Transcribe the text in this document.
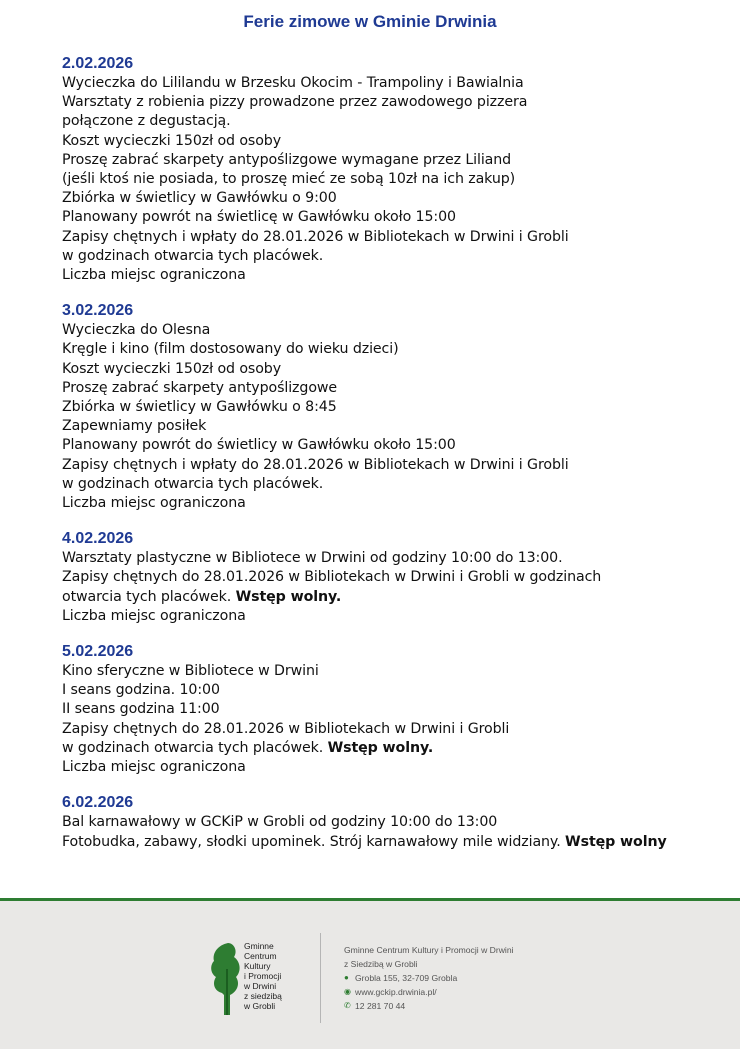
Ferie zimowe w Gminie Drwinia

2.02.2026

Wycieczka do Lililandu w Brzesku Okocim - Trampoliny i Bawialnia

Warsztaty z robienia pizzy prowadzone przez zawodowego pizzera

połączone z degustacją.

Koszt wycieczki 150zł od osoby

Proszę zabrać skarpety antypoślizgowe wymagane przez Liliand

(jeśli ktoś nie posiada, to proszę mieć ze sobą 10zł na ich zakup)

Zbiórka w świetlicy w Gawłówku o 9:00

Planowany powrót na świetlicę w Gawłówku około 15:00

Zapisy chętnych i wpłaty do 28.01.2026 w Bibliotekach w Drwini i Grobli

w godzinach otwarcia tych placówek.

Liczba miejsc ograniczona

3.02.2026

Wycieczka do Olesna

Kręgle i kino (film dostosowany do wieku dzieci)

Koszt wycieczki 150zł od osoby

Proszę zabrać skarpety antypoślizgowe

Zbiórka w świetlicy w Gawłówku o 8:45

Zapewniamy posiłek

Planowany powrót do świetlicy w Gawłówku około 15:00

Zapisy chętnych i wpłaty do 28.01.2026 w Bibliotekach w Drwini i Grobli

w godzinach otwarcia tych placówek.

Liczba miejsc ograniczona

4.02.2026

Warsztaty plastyczne w Bibliotece w Drwini od godziny 10:00 do 13:00.

Zapisy chętnych do 28.01.2026 w Bibliotekach w Drwini i Grobli w godzinach

otwarcia tych placówek. Wstęp wolny.

Liczba miejsc ograniczona

5.02.2026

Kino sferyczne w Bibliotece w Drwini

I seans godzina. 10:00

II seans godzina 11:00

Zapisy chętnych do 28.01.2026 w Bibliotekach w Drwini i Grobli

w godzinach otwarcia tych placówek. Wstęp wolny.

Liczba miejsc ograniczona

6.02.2026

Bal karnawałowy w GCKiP w Grobli od godziny 10:00 do 13:00

Fotobudka, zabawy, słodki upominek. Strój karnawałowy mile widziany. Wstęp wolny

Gminne
Centrum
Kultury
i Promocji
w Drwini
z siedzibą
w Grobli
Gminne Centrum Kultury i Promocji w Drwini
z Siedzibą w Grobli
● Grobla 155, 32-709 Grobla
◉ www.gckip.drwinia.pl/
✆ 12 281 70 44
